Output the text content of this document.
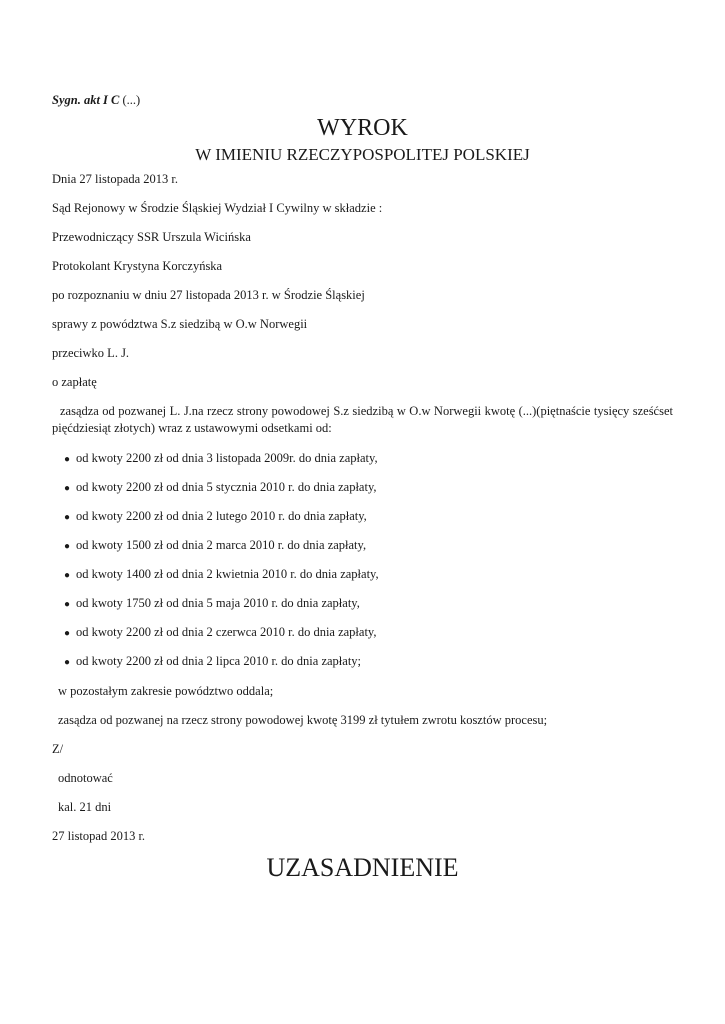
Sygn. akt I C (...)
WYROK
W IMIENIU RZECZYPOSPOLITEJ POLSKIEJ
Dnia 27 listopada 2013 r.
Sąd Rejonowy w Środzie Śląskiej Wydział I Cywilny w składzie :
Przewodniczący SSR Urszula Wicińska
Protokolant Krystyna Korczyńska
po rozpoznaniu w dniu 27 listopada 2013 r. w Środzie Śląskiej
sprawy z powództwa S.z siedzibą w O.w Norwegii
przeciwko L. J.
o zapłatę
zasądza od pozwanej L. J.na rzecz strony powodowej S.z siedzibą w O.w Norwegii kwotę (...)(piętnaście tysięcy sześćset pięćdziesiąt złotych) wraz z ustawowymi odsetkami od:
● od kwoty 2200 zł od dnia 3 listopada 2009r. do dnia zapłaty,
● od kwoty 2200 zł od dnia 5 stycznia 2010 r. do dnia zapłaty,
● od kwoty 2200 zł od dnia 2 lutego 2010 r. do dnia zapłaty,
● od kwoty 1500 zł od dnia 2 marca 2010 r. do dnia zapłaty,
● od kwoty 1400 zł od dnia 2 kwietnia 2010 r. do dnia zapłaty,
● od kwoty 1750 zł od dnia 5 maja 2010 r. do dnia zapłaty,
● od kwoty 2200 zł od dnia 2 czerwca 2010 r. do dnia zapłaty,
● od kwoty 2200 zł od dnia 2 lipca 2010 r. do dnia zapłaty;
w pozostałym zakresie powództwo oddala;
zasądza od pozwanej na rzecz strony powodowej kwotę 3199 zł tytułem zwrotu kosztów procesu;
Z/
odnotować
kal. 21 dni
27 listopad 2013 r.
UZASADNIENIE
